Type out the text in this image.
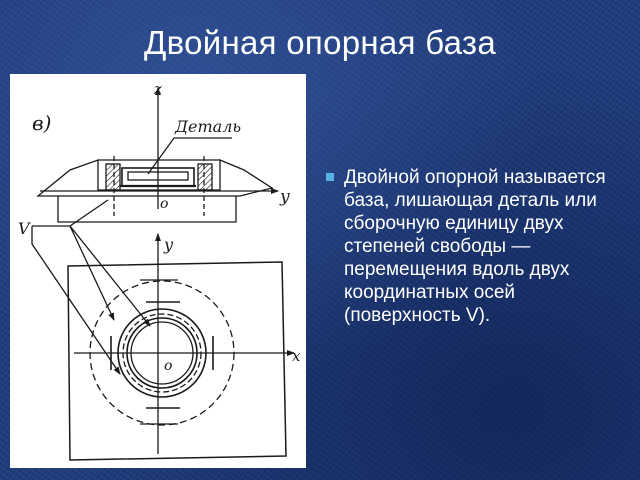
Двойная опорная база
в)	Деталь
z
y
o
V
y
x
o
Двойной опорной называется база, лишающая деталь или сборочную единицу двух степеней свободы — перемещения вдоль двух координатных осей (поверхность V).
